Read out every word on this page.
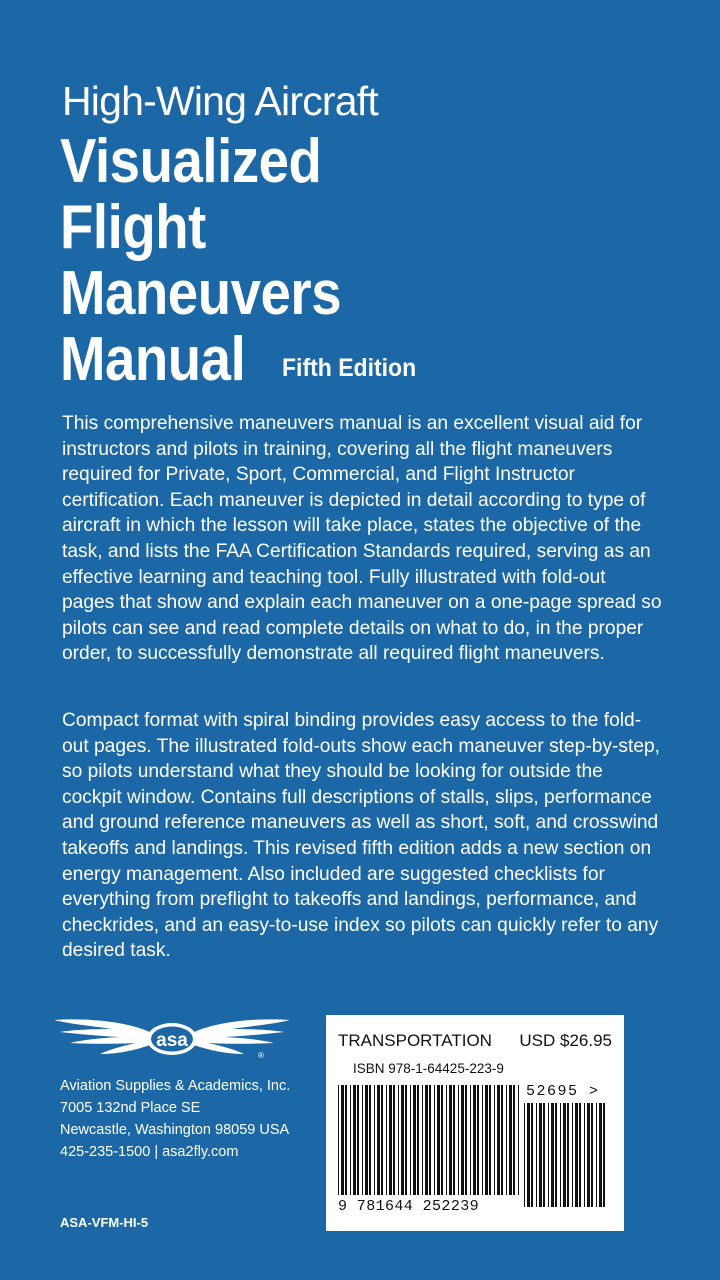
High-Wing Aircraft
Visualized
Flight
Maneuvers
Manual Fifth Edition

This comprehensive maneuvers manual is an excellent visual aid for instructors and pilots in training, covering all the flight maneuvers required for Private, Sport, Commercial, and Flight Instructor certification. Each maneuver is depicted in detail according to type of aircraft in which the lesson will take place, states the objective of the task, and lists the FAA Certification Standards required, serving as an effective learning and teaching tool. Fully illustrated with fold-out pages that show and explain each maneuver on a one-page spread so pilots can see and read complete details on what to do, in the proper order, to successfully demonstrate all required flight maneuvers.

Compact format with spiral binding provides easy access to the fold-out pages. The illustrated fold-outs show each maneuver step-by-step, so pilots understand what they should be looking for outside the cockpit window. Contains full descriptions of stalls, slips, performance and ground reference maneuvers as well as short, soft, and crosswind takeoffs and landings. This revised fifth edition adds a new section on energy management. Also included are suggested checklists for everything from preflight to takeoffs and landings, performance, and checkrides, and an easy-to-use index so pilots can quickly refer to any desired task.

asa
®
Aviation Supplies & Academics, Inc.
7005 132nd Place SE
Newcastle, Washington 98059 USA
425-235-1500 | asa2fly.com
ASA-VFM-HI-5
TRANSPORTATION USD $26.95
ISBN 978-1-64425-223-9
9 781644 252239
52695 >
